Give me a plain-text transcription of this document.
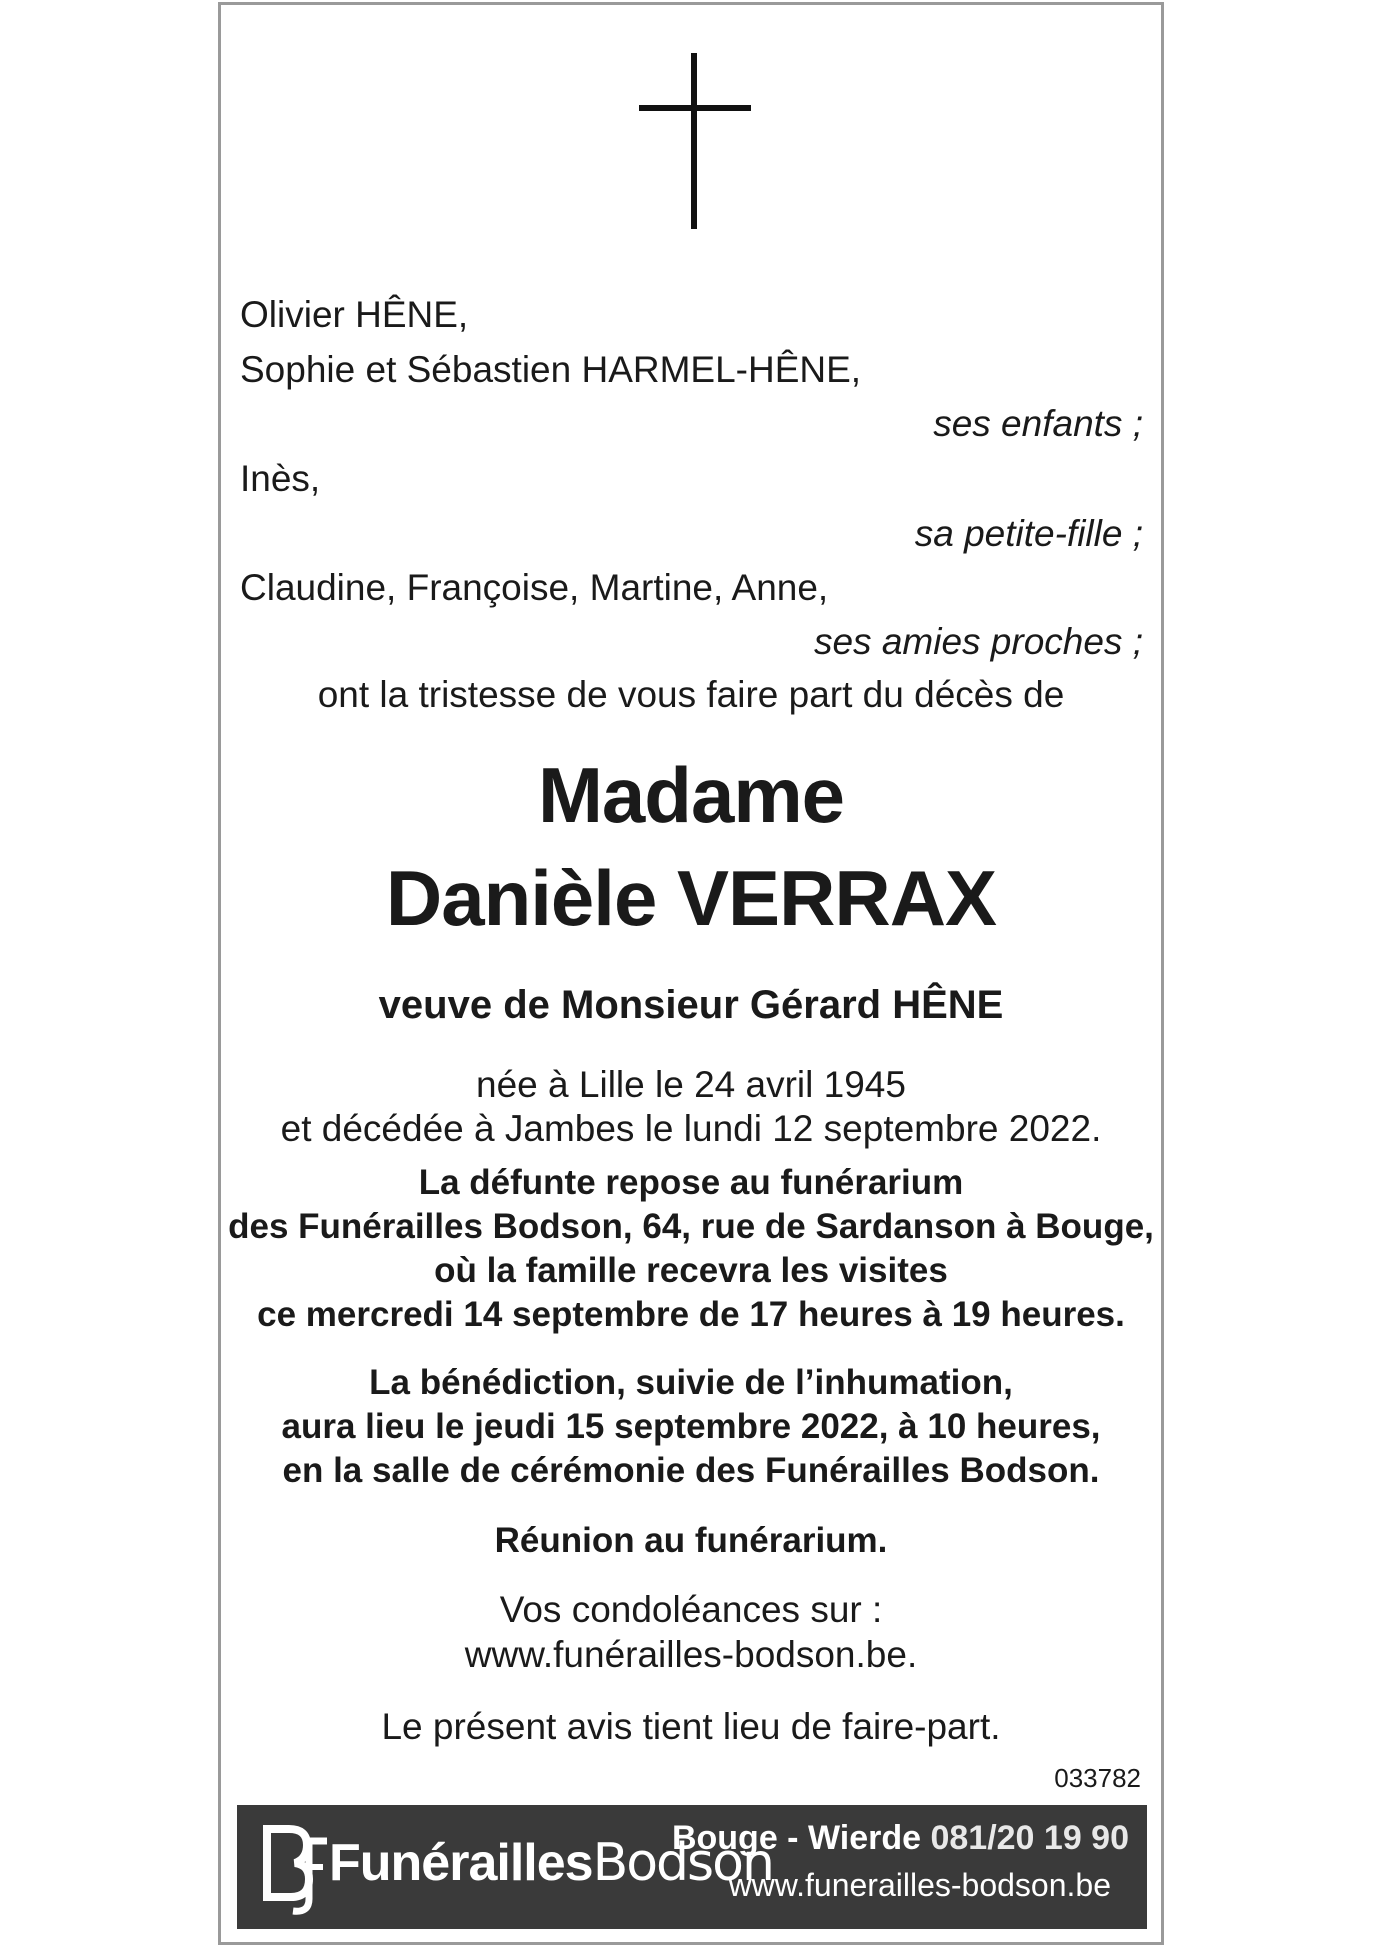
Olivier HÊNE,
Sophie et Sébastien HARMEL-HÊNE,
ses enfants ;
Inès,
sa petite-fille ;
Claudine, Françoise, Martine, Anne,
ses amies proches ;
ont la tristesse de vous faire part du décès de
Madame
Danièle VERRAX
veuve de Monsieur Gérard HÊNE
née à Lille le 24 avril 1945
et décédée à Jambes le lundi 12 septembre 2022.
La défunte repose au funérarium
des Funérailles Bodson, 64, rue de Sardanson à Bouge,
où la famille recevra les visites
ce mercredi 14 septembre de 17 heures à 19 heures.
La bénédiction, suivie de l’inhumation,
aura lieu le jeudi 15 septembre 2022, à 10 heures,
en la salle de cérémonie des Funérailles Bodson.
Réunion au funérarium.
Vos condoléances sur :
www.funérailles-bodson.be.
Le présent avis tient lieu de faire-part.
033782
FunéraillesBodson
Bouge - Wierde 081/20 19 90
www.funerailles-bodson.be
